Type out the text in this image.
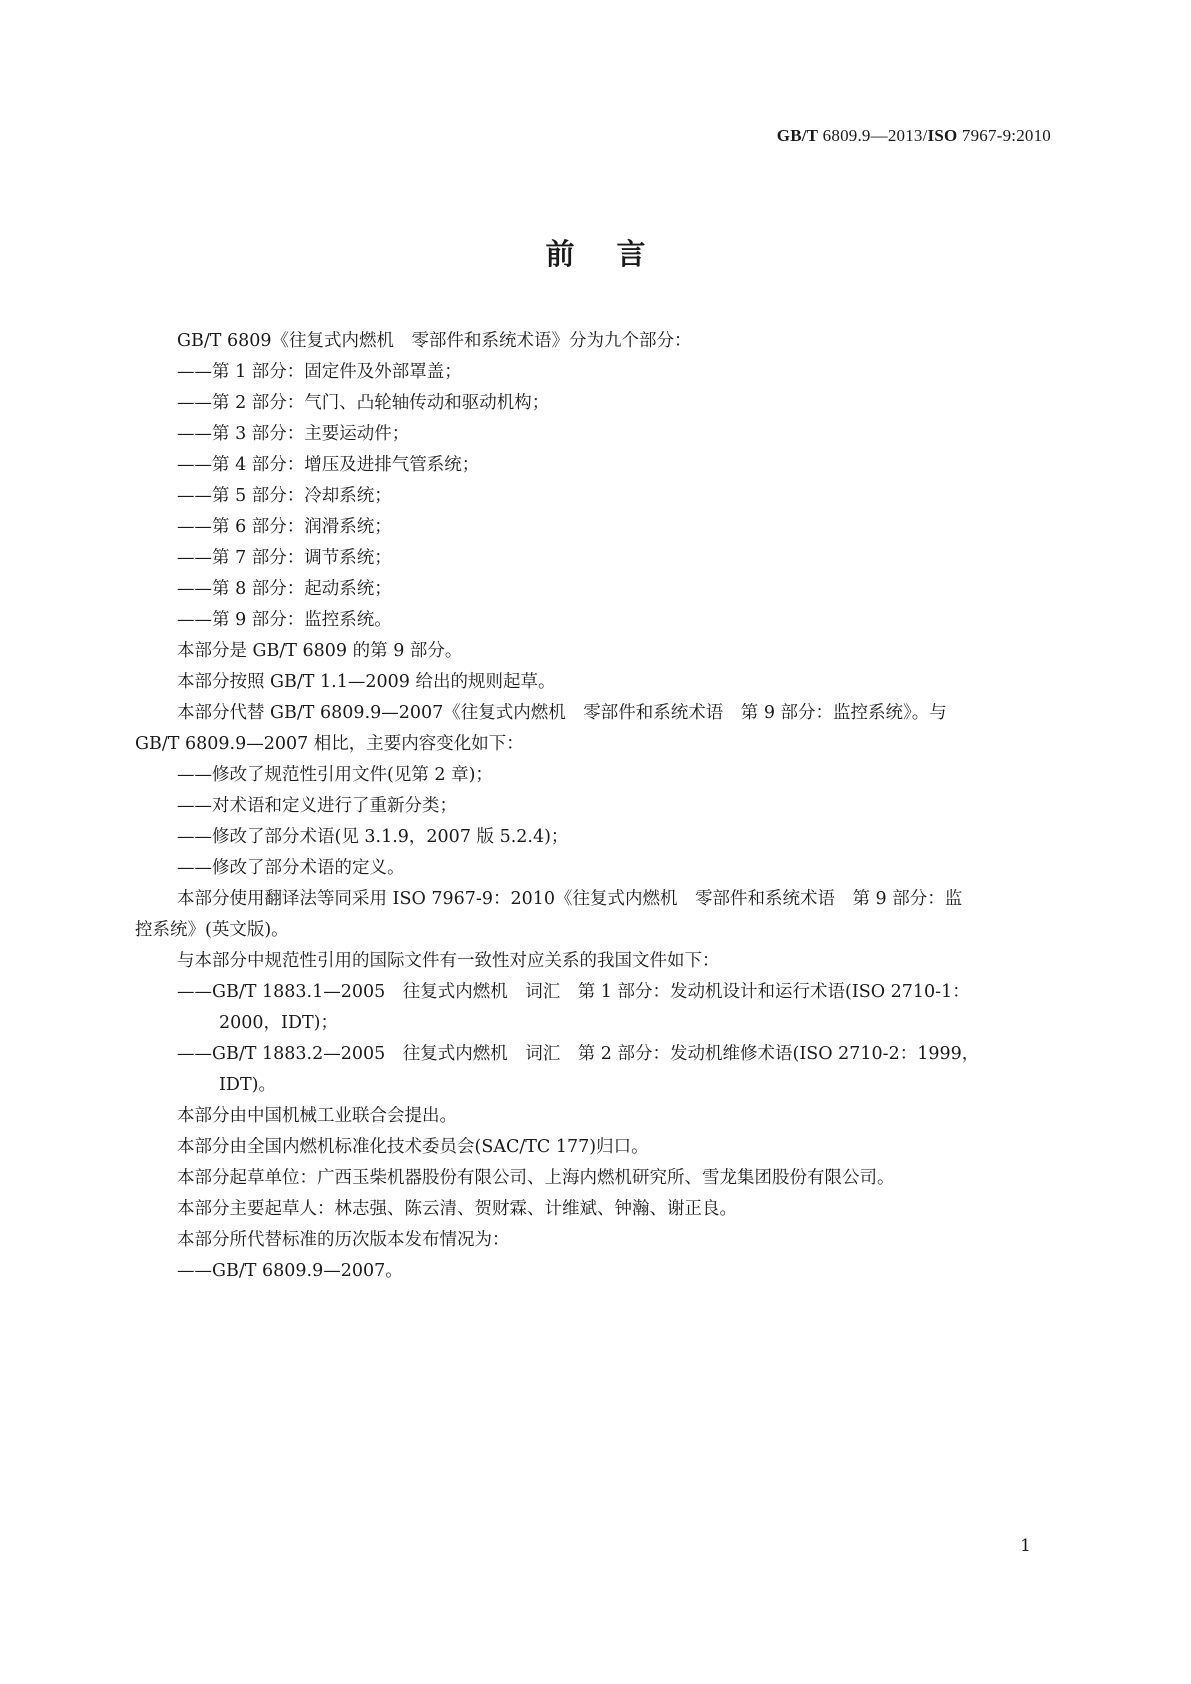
GB/T 6809.9—2013/ISO 7967-9:2010
前言

GB/T 6809《往复式内燃机　零部件和系统术语》分为九个部分：

——第 1 部分：固定件及外部罩盖；

——第 2 部分：气门、凸轮轴传动和驱动机构；

——第 3 部分：主要运动件；

——第 4 部分：增压及进排气管系统；

——第 5 部分：冷却系统；

——第 6 部分：润滑系统；

——第 7 部分：调节系统；

——第 8 部分：起动系统；

——第 9 部分：监控系统。

本部分是 GB/T 6809 的第 9 部分。

本部分按照 GB/T 1.1—2009 给出的规则起草。

本部分代替 GB/T 6809.9—2007《往复式内燃机　零部件和系统术语　第 9 部分：监控系统》。与

GB/T 6809.9—2007 相比，主要内容变化如下：

——修改了规范性引用文件(见第 2 章)；

——对术语和定义进行了重新分类；

——修改了部分术语(见 3.1.9，2007 版 5.2.4)；

——修改了部分术语的定义。

本部分使用翻译法等同采用 ISO 7967-9：2010《往复式内燃机　零部件和系统术语　第 9 部分：监

控系统》(英文版)。

与本部分中规范性引用的国际文件有一致性对应关系的我国文件如下：

——GB/T 1883.1—2005　往复式内燃机　词汇　第 1 部分：发动机设计和运行术语(ISO 2710-1：

2000，IDT)；

——GB/T 1883.2—2005　往复式内燃机　词汇　第 2 部分：发动机维修术语(ISO 2710-2：1999，

IDT)。

本部分由中国机械工业联合会提出。

本部分由全国内燃机标准化技术委员会(SAC/TC 177)归口。

本部分起草单位：广西玉柴机器股份有限公司、上海内燃机研究所、雪龙集团股份有限公司。

本部分主要起草人：林志强、陈云清、贺财霖、计维斌、钟瀚、谢正良。

本部分所代替标准的历次版本发布情况为：

——GB/T 6809.9—2007。

1
